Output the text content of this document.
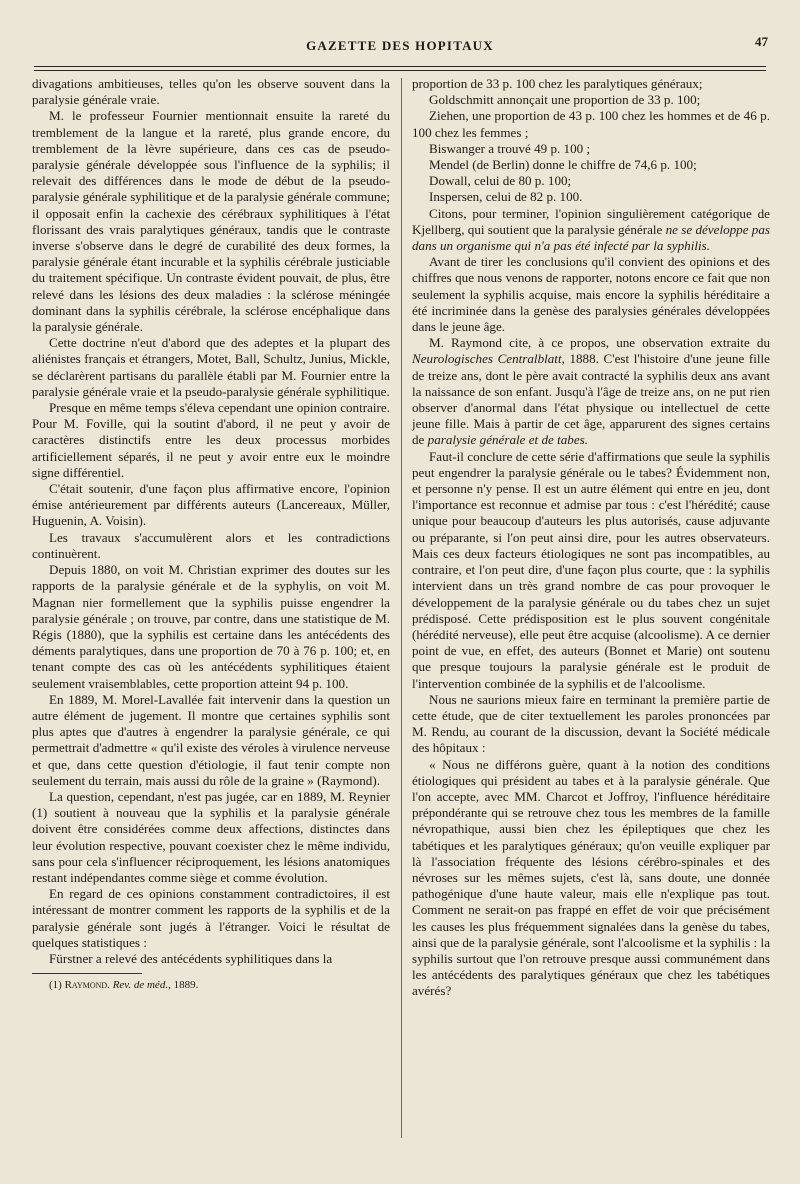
GAZETTE DES HOPITAUX	47

divagations ambitieuses, telles qu'on les observe souvent dans la paralysie générale vraie.

M. le professeur Fournier mentionnait ensuite la rareté du tremblement de la langue et la rareté, plus grande encore, du tremblement de la lèvre supérieure, dans ces cas de pseudo-paralysie générale développée sous l'influence de la syphilis; il relevait des différences dans le mode de début de la pseudo-paralysie générale syphilitique et de la paralysie générale commune; il opposait enfin la cachexie des cérébraux syphilitiques à l'état florissant des vrais paralytiques généraux, tandis que le contraste inverse s'observe dans le degré de curabilité des deux formes, la paralysie générale étant incurable et la syphilis cérébrale justiciable du traitement spécifique. Un contraste évident pouvait, de plus, être relevé dans les lésions des deux maladies : la sclérose méningée dominant dans la syphilis cérébrale, la sclérose encéphalique dans la paralysie générale.

Cette doctrine n'eut d'abord que des adeptes et la plupart des aliénistes français et étrangers, Motet, Ball, Schultz, Junius, Mickle, se déclarèrent partisans du parallèle établi par M. Fournier entre la paralysie générale vraie et la pseudo-paralysie générale syphilitique.

Presque en même temps s'éleva cependant une opinion contraire. Pour M. Foville, qui la soutint d'abord, il ne peut y avoir de caractères distinctifs entre les deux processus morbides artificiellement séparés, il ne peut y avoir entre eux le moindre signe différentiel.

C'était soutenir, d'une façon plus affirmative encore, l'opinion émise antérieurement par différents auteurs (Lancereaux, Müller, Huguenin, A. Voisin).

Les travaux s'accumulèrent alors et les contradictions continuèrent.

Depuis 1880, on voit M. Christian exprimer des doutes sur les rapports de la paralysie générale et de la syphylis, on voit M. Magnan nier formellement que la syphilis puisse engendrer la paralysie générale ; on trouve, par contre, dans une statistique de M. Régis (1880), que la syphilis est certaine dans les antécédents des déments paralytiques, dans une proportion de 70 à 76 p. 100; et, en tenant compte des cas où les antécédents syphilitiques étaient seulement vraisemblables, cette proportion atteint 94 p. 100.

En 1889, M. Morel-Lavallée fait intervenir dans la question un autre élément de jugement. Il montre que certaines syphilis sont plus aptes que d'autres à engendrer la paralysie générale, ce qui permettrait d'admettre « qu'il existe des véroles à virulence nerveuse et que, dans cette question d'étiologie, il faut tenir compte non seulement du terrain, mais aussi du rôle de la graine » (Raymond).

La question, cependant, n'est pas jugée, car en 1889, M. Reynier (1) soutient à nouveau que la syphilis et la paralysie générale doivent être considérées comme deux affections, distinctes dans leur évolution respective, pouvant coexister chez le même individu, sans pour cela s'influencer réciproquement, les lésions anatomiques restant indépendantes comme siège et comme évolution.

En regard de ces opinions constamment contradictoires, il est intéressant de montrer comment les rapports de la syphilis et de la paralysie générale sont jugés à l'étranger. Voici le résultat de quelques statistiques :

Fürstner a relevé des antécédents syphilitiques dans la

(1) Raymond. Rev. de méd., 1889.

proportion de 33 p. 100 chez les paralytiques généraux;

Goldschmitt annonçait une proportion de 33 p. 100;

Ziehen, une proportion de 43 p. 100 chez les hommes et de 46 p. 100 chez les femmes ;

Biswanger a trouvé 49 p. 100 ;

Mendel (de Berlin) donne le chiffre de 74,6 p. 100;

Dowall, celui de 80 p. 100;

Inspersen, celui de 82 p. 100.

Citons, pour terminer, l'opinion singulièrement catégorique de Kjellberg, qui soutient que la paralysie générale ne se développe pas dans un organisme qui n'a pas été infecté par la syphilis.

Avant de tirer les conclusions qu'il convient des opinions et des chiffres que nous venons de rapporter, notons encore ce fait que non seulement la syphilis acquise, mais encore la syphilis héréditaire a été incriminée dans la genèse des paralysies générales développées dans le jeune âge.

M. Raymond cite, à ce propos, une observation extraite du Neurologisches Centralblatt, 1888. C'est l'histoire d'une jeune fille de treize ans, dont le père avait contracté la syphilis deux ans avant la naissance de son enfant. Jusqu'à l'âge de treize ans, on ne put rien observer d'anormal dans l'état physique ou intellectuel de cette jeune fille. Mais à partir de cet âge, apparurent des signes certains de paralysie générale et de tabes.

Faut-il conclure de cette série d'affirmations que seule la syphilis peut engendrer la paralysie générale ou le tabes? Évidemment non, et personne n'y pense. Il est un autre élément qui entre en jeu, dont l'importance est reconnue et admise par tous : c'est l'hérédité; cause unique pour beaucoup d'auteurs les plus autorisés, cause adjuvante ou préparante, si l'on peut ainsi dire, pour les autres observateurs. Mais ces deux facteurs étiologiques ne sont pas incompatibles, au contraire, et l'on peut dire, d'une façon plus courte, que : la syphilis intervient dans un très grand nombre de cas pour provoquer le développement de la paralysie générale ou du tabes chez un sujet prédisposé. Cette prédisposition est le plus souvent congénitale (hérédité nerveuse), elle peut être acquise (alcoolisme). A ce dernier point de vue, en effet, des auteurs (Bonnet et Marie) ont soutenu que presque toujours la paralysie générale est le produit de l'intervention combinée de la syphilis et de l'alcoolisme.

Nous ne saurions mieux faire en terminant la première partie de cette étude, que de citer textuellement les paroles prononcées par M. Rendu, au courant de la discussion, devant la Société médicale des hôpitaux :

« Nous ne différons guère, quant à la notion des conditions étiologiques qui président au tabes et à la paralysie générale. Que l'on accepte, avec MM. Charcot et Joffroy, l'influence héréditaire prépondérante qui se retrouve chez tous les membres de la famille névropathique, aussi bien chez les épileptiques que chez les tabétiques et les paralytiques généraux; qu'on veuille expliquer par là l'association fréquente des lésions cérébro-spinales et des névroses sur les mêmes sujets, c'est là, sans doute, une donnée pathogénique d'une haute valeur, mais elle n'explique pas tout. Comment ne serait-on pas frappé en effet de voir que précisément les causes les plus fréquemment signalées dans la genèse du tabes, ainsi que de la paralysie générale, sont l'alcoolisme et la syphilis : la syphilis surtout que l'on retrouve presque aussi communément dans les antécédents des paralytiques généraux que chez les tabétiques avérés?
